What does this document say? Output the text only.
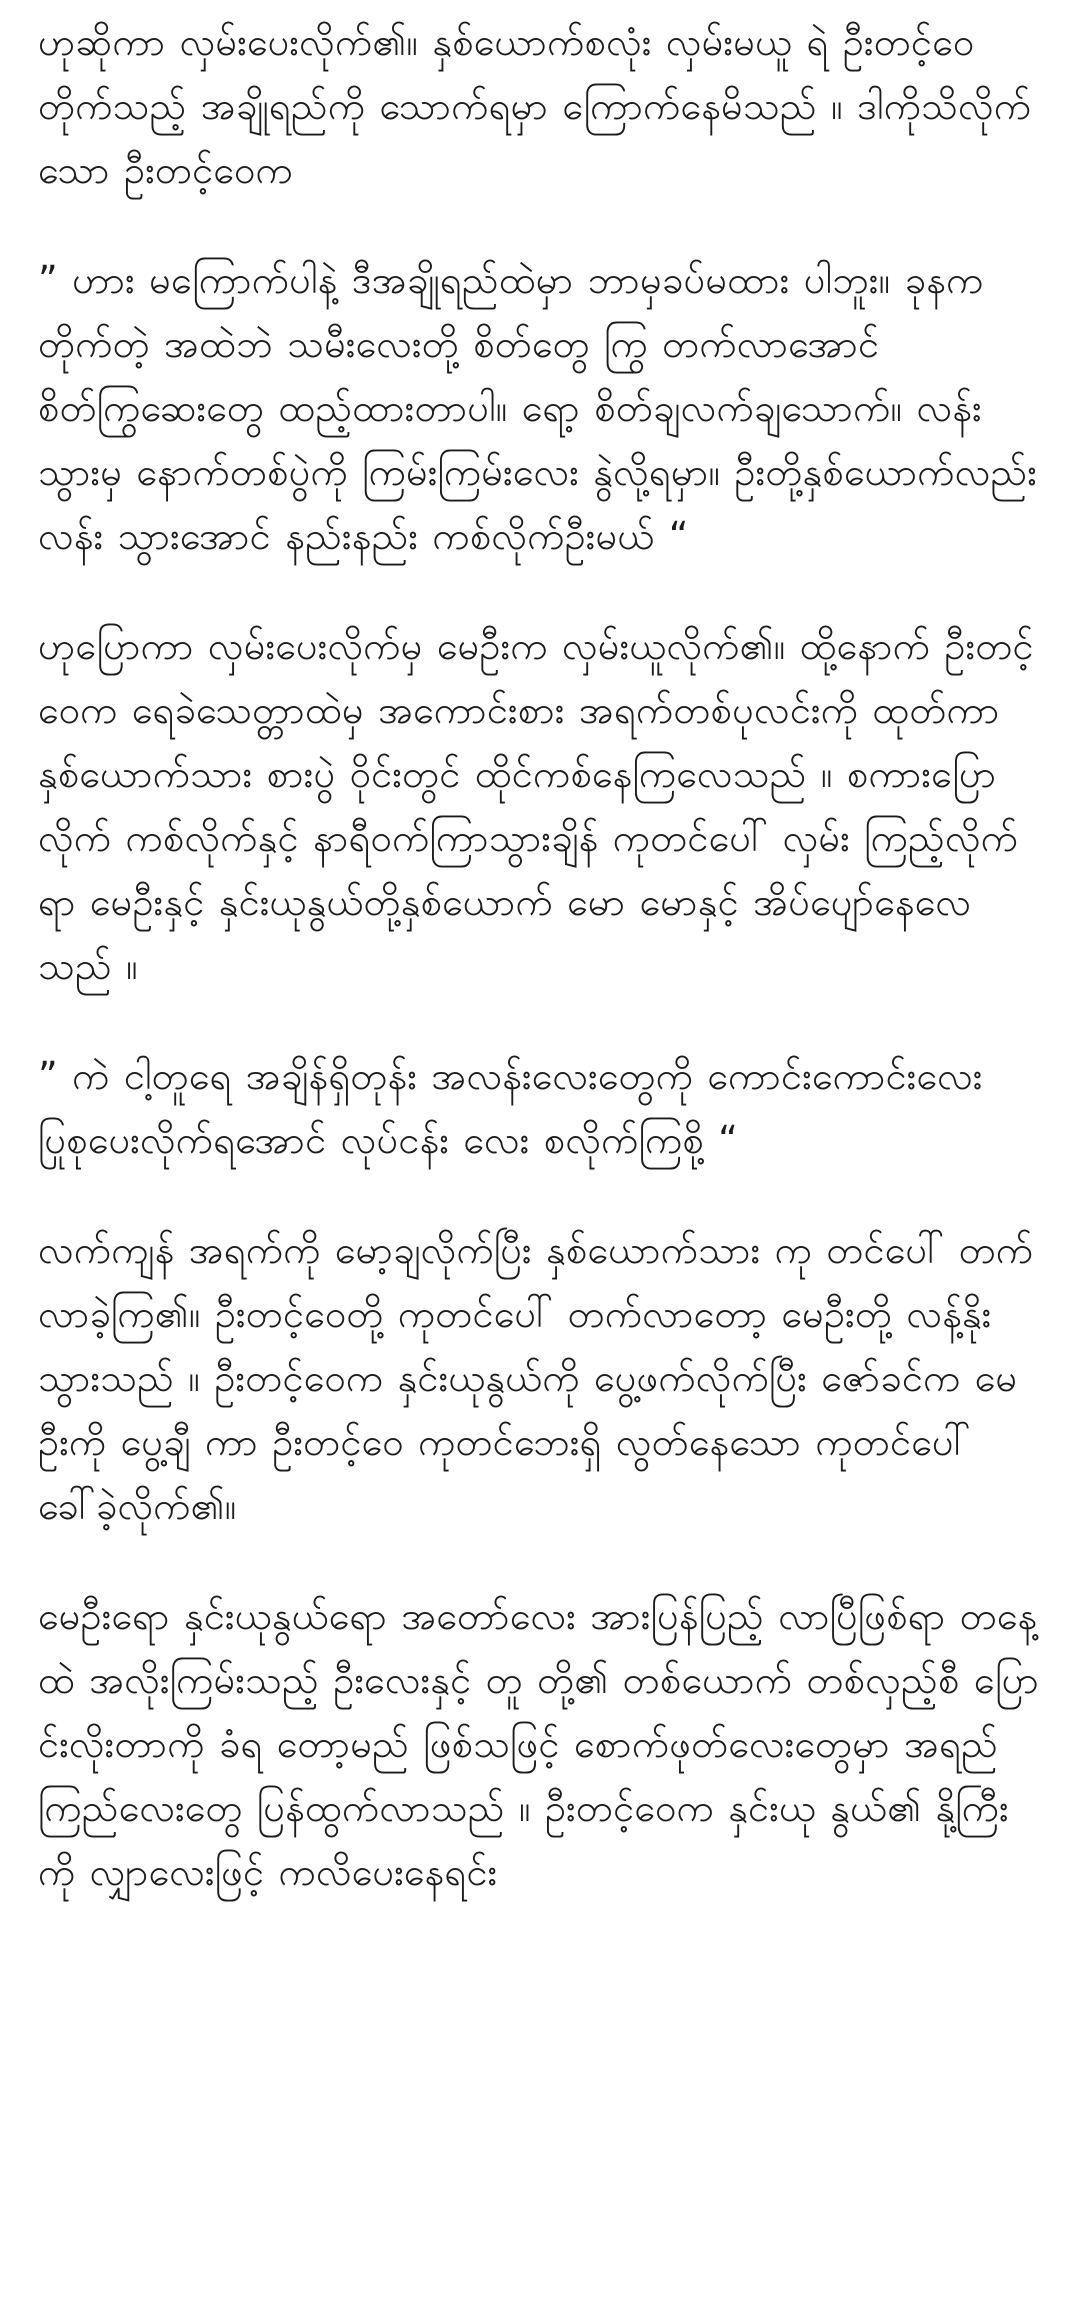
ဟုဆိုကာ လှမ်းပေးလိုက်၏။ နှစ်ယောက်စလုံး လှမ်းမယူ ရဲ ဦးတင့်ဝေ တိုက်သည့် အချိုရည်ကို သောက်ရမှာ ကြောက်နေမိသည် ။ ဒါကိုသိလိုက်သော ဦးတင့်ဝေက

” ဟား မကြောက်ပါနဲ့ ဒီအချိုရည်ထဲမှာ ဘာမှခပ်မထား ပါဘူး။ ခုနကတိုက်တဲ့ အထဲဘဲ သမီးလေးတို့ စိတ်တွေ ကြွ တက်လာအောင် စိတ်ကြွဆေးတွေ ထည့်ထားတာပါ။ ရော့ စိတ်ချလက်ချသောက်။ လန်းသွားမှ နောက်တစ်ပွဲကို ကြမ်းကြမ်းလေး နွဲလို့ရမှာ။ ဦးတို့နှစ်ယောက်လည်း လန်း သွားအောင် နည်းနည်း ကစ်လိုက်ဦးမယ် “

ဟုပြောကာ လှမ်းပေးလိုက်မှ မေဦးက လှမ်းယူလိုက်၏။ ထို့နောက် ဦးတင့်ဝေက ရေခဲသေတ္တာထဲမှ အကောင်းစား အရက်တစ်ပုလင်းကို ထုတ်ကာ နှစ်ယောက်သား စားပွဲ ဝိုင်းတွင် ထိုင်ကစ်နေကြလေသည် ။ စကားပြောလိုက် ကစ်လိုက်နှင့် နာရီဝက်ကြာသွားချိန် ကုတင်ပေါ် လှမ်း ကြည့်လိုက်ရာ မေဦးနှင့် နှင်းယုနွယ်တို့နှစ်ယောက် မော မောနှင့် အိပ်ပျော်နေလေသည် ။

” ကဲ ငါ့တူရေ အချိန်ရှိတုန်း အလန်းလေးတွေကို ကောင်းကောင်းလေး ပြုစုပေးလိုက်ရအောင် လုပ်ငန်း လေး စလိုက်ကြစို့ “

လက်ကျန် အရက်ကို မော့ချလိုက်ပြီး နှစ်ယောက်သား ကု တင်ပေါ် တက်လာခဲ့ကြ၏။ ဦးတင့်ဝေတို့ ကုတင်ပေါ် တက်လာတော့ မေဦးတို့ လန့်နိုးသွားသည် ။ ဦးတင့်ဝေက နှင်းယုနွယ်ကို ပွေ့ဖက်လိုက်ပြီး ဇော်ခင်က မေဦးကို ပွေ့ချီ ကာ ဦးတင့်ဝေ ကုတင်ဘေးရှိ လွတ်နေသော ကုတင်ပေါ် ခေါ်ခဲ့လိုက်၏။

မေဦးရော နှင်းယုနွယ်ရော အတော်လေး အားပြန်ပြည့် လာပြီဖြစ်ရာ တနေ့ထဲ အလိုးကြမ်းသည့် ဦးလေးနှင့် တူ တို့၏ တစ်ယောက် တစ်လှည့်စီ ပြောင်းလိုးတာကို ခံရ တော့မည် ဖြစ်သဖြင့် စောက်ဖုတ်လေးတွေမှာ အရည် ကြည်လေးတွေ ပြန်ထွက်လာသည် ။ ဦးတင့်ဝေက နှင်းယု နွယ်၏ နို့ကြီးကို လျှာလေးဖြင့် ကလိပေးနေရင်း
